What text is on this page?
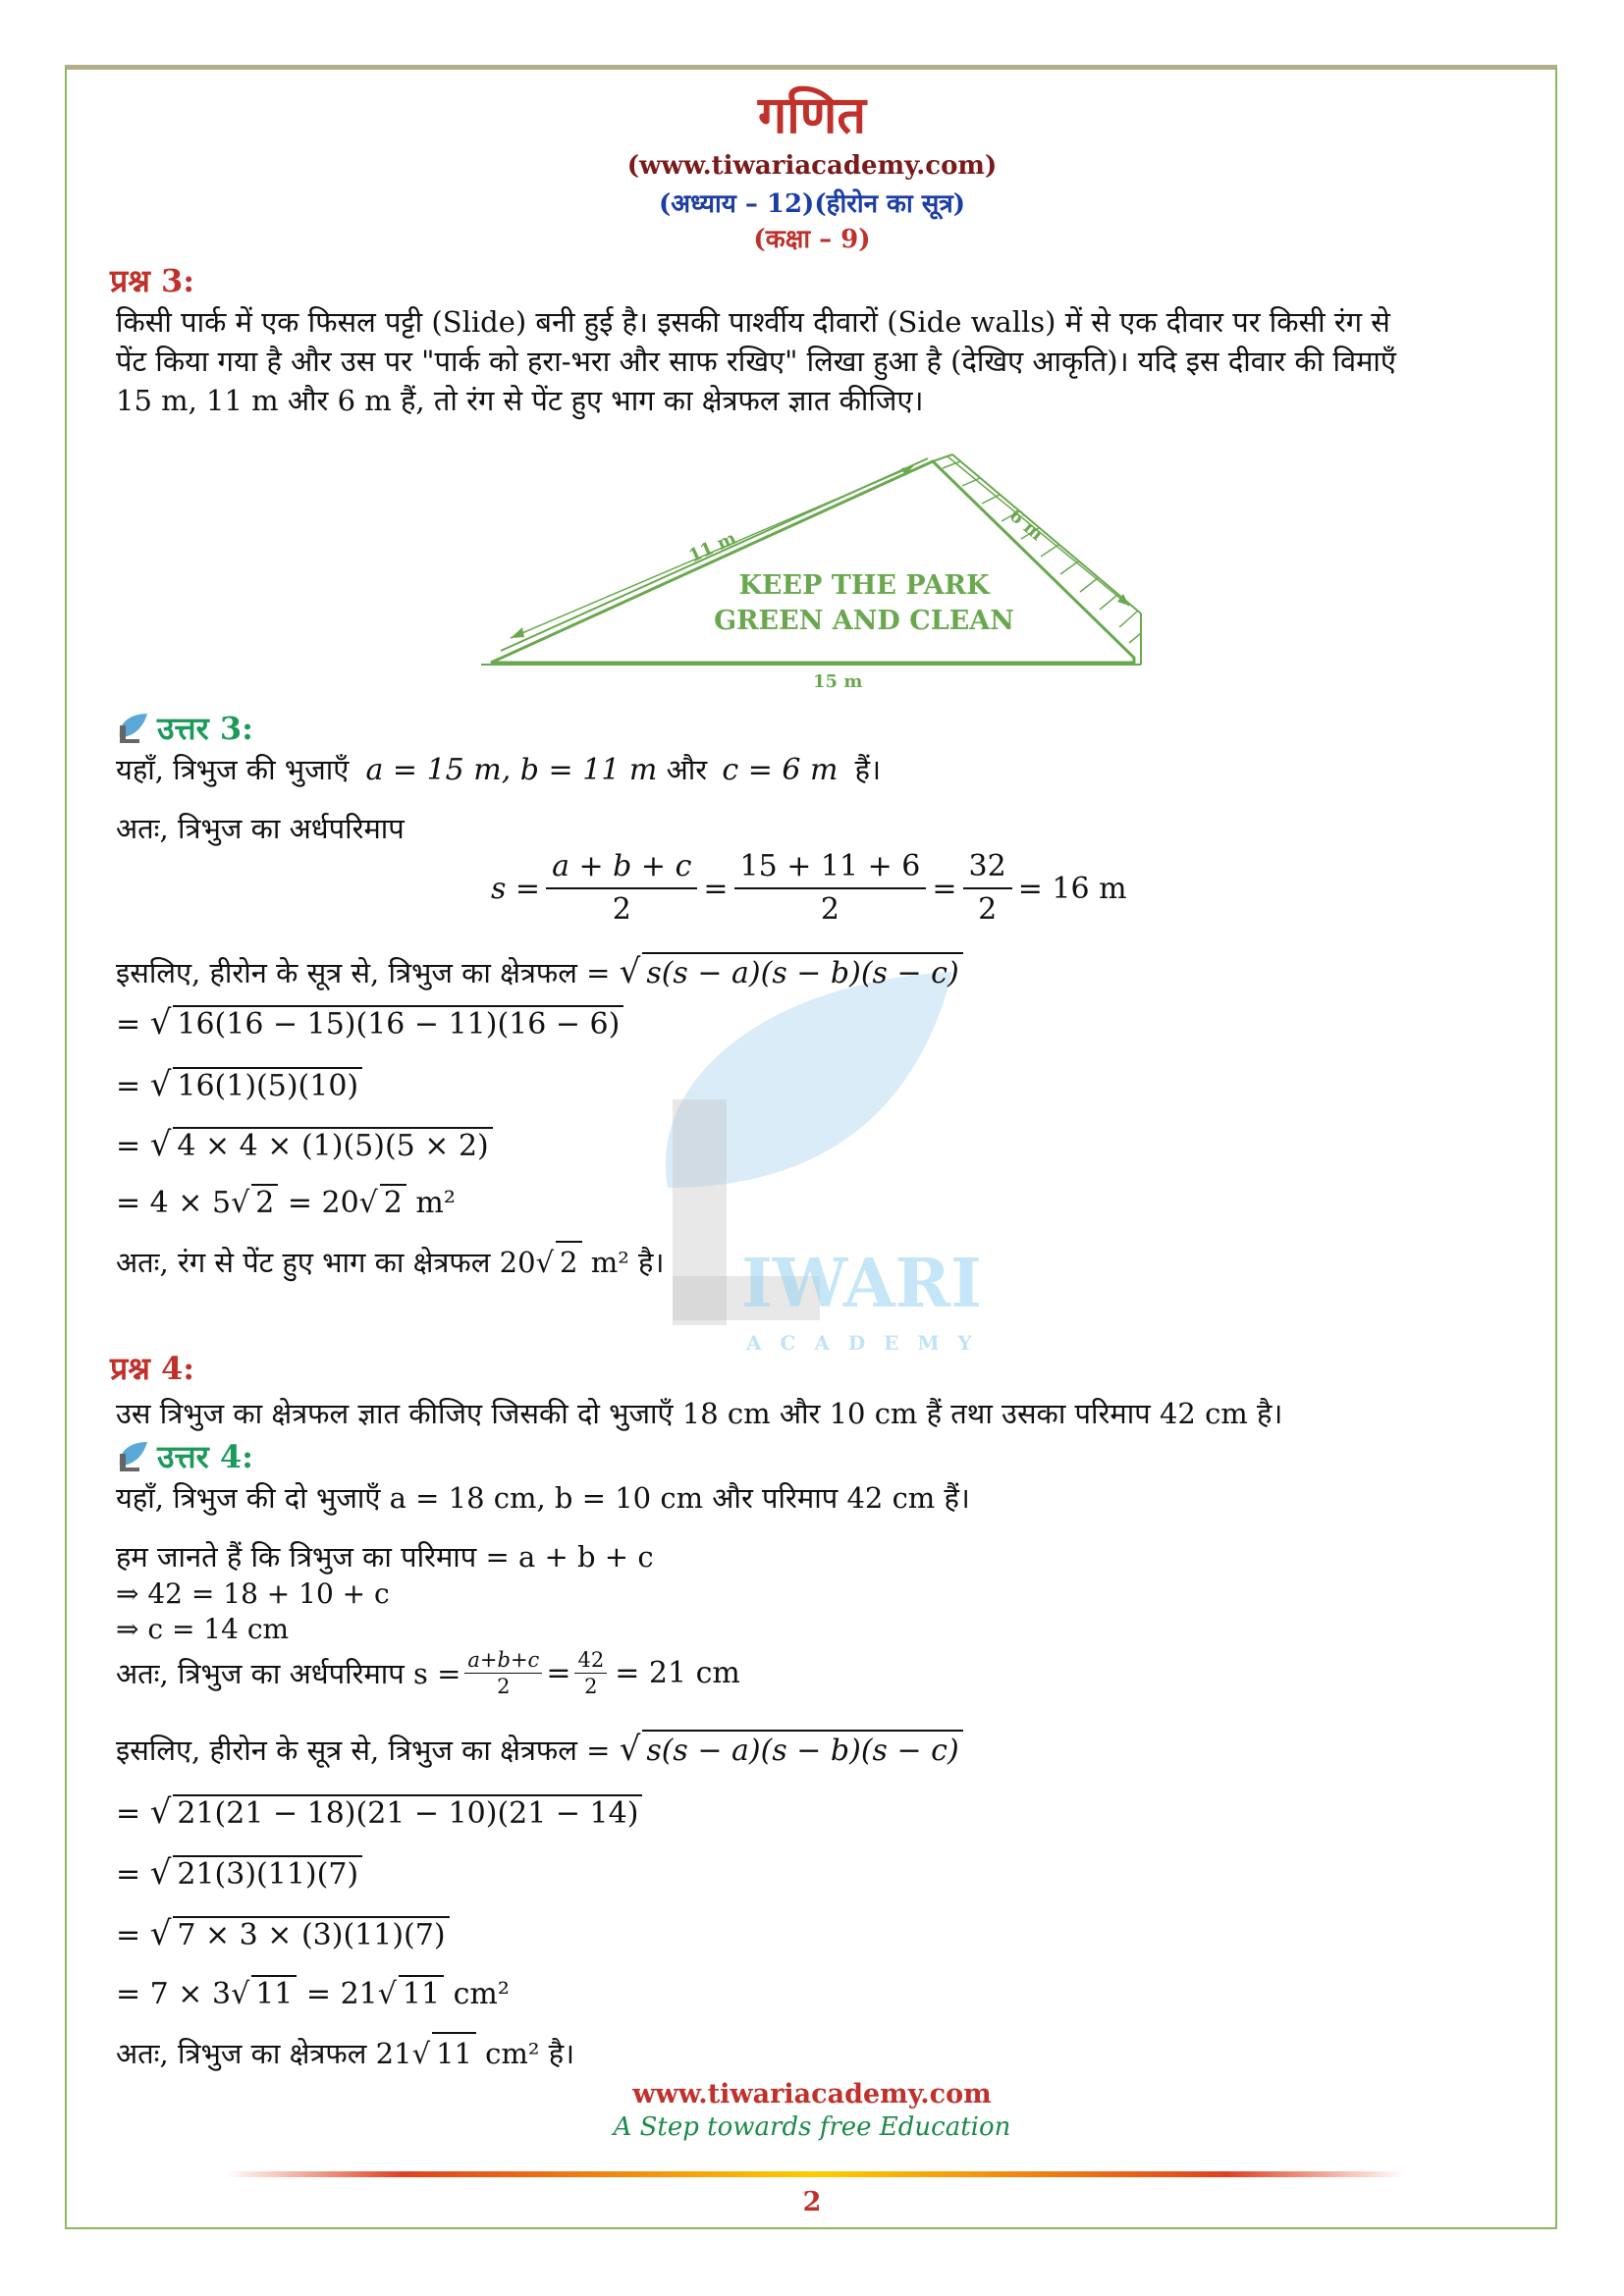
गणित
(www.tiwariacademy.com)
(अध्याय – 12)(हीरोन का सूत्र)
(कक्षा – 9)
IWARI
A C A D E M Y
प्रश्न 3:
किसी पार्क में एक फिसल पट्टी (Slide) बनी हुई है। इसकी पार्श्वीय दीवारों (Side walls) में से एक दीवार पर किसी रंग से
पेंट किया गया है और उस पर "पार्क को हरा-भरा और साफ रखिए" लिखा हुआ है (देखिए आकृति)। यदि इस दीवार की विमाएँ
15 m, 11 m और 6 m हैं, तो रंग से पेंट हुए भाग का क्षेत्रफल ज्ञात कीजिए।
11 m
6 m
KEEP THE PARK
GREEN AND CLEAN
15 m
उत्तर 3:
यहाँ, त्रिभुज की भुजाएँ a = 15 m, b = 11 m और c = 6 m हैं।
अतः, त्रिभुज का अर्धपरिमाप
$s = \frac{a + b + c}{2} = \frac{15 + 11 + 6}{2} = \frac{32}{2} = 16$ m
इसलिए, हीरोन के सूत्र से, त्रिभुज का क्षेत्रफल = √ s(s − a)(s − b)(s − c)
= √ 16(16 − 15)(16 − 11)(16 − 6)
= √ 16(1)(5)(10)
= √ 4 × 4 × (1)(5)(5 × 2)
= 4 × 5√ 2 = 20√ 2 m²
अतः, रंग से पेंट हुए भाग का क्षेत्रफल 20√ 2 m² है।
प्रश्न 4:
उस त्रिभुज का क्षेत्रफल ज्ञात कीजिए जिसकी दो भुजाएँ 18 cm और 10 cm हैं तथा उसका परिमाप 42 cm है।
उत्तर 4:
यहाँ, त्रिभुज की दो भुजाएँ a = 18 cm, b = 10 cm और परिमाप 42 cm हैं।
हम जानते हैं कि त्रिभुज का परिमाप = a + b + c
⇒ 42 = 18 + 10 + c
⇒ c = 14 cm
अतः, त्रिभुज का अर्धपरिमाप $s = \frac{a+b+c}{2} = \frac{42}{2} = 21$ cm
इसलिए, हीरोन के सूत्र से, त्रिभुज का क्षेत्रफल = √ s(s − a)(s − b)(s − c)
= √ 21(21 − 18)(21 − 10)(21 − 14)
= √ 21(3)(11)(7)
= √ 7 × 3 × (3)(11)(7)
= 7 × 3√ 11 = 21√ 11 cm²
अतः, त्रिभुज का क्षेत्रफल 21√ 11 cm² है।
www.tiwariacademy.com
A Step towards free Education
2
